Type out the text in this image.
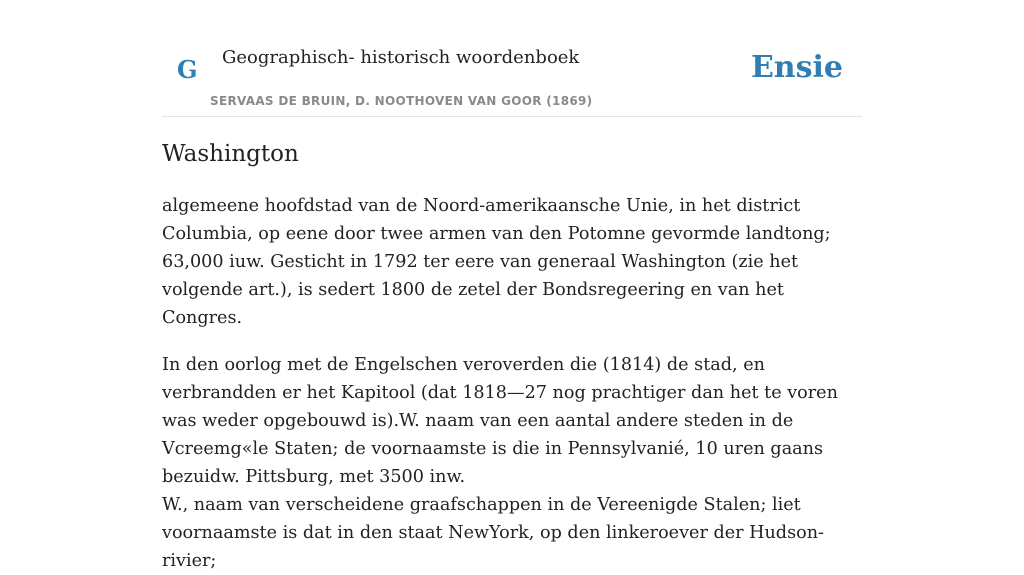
G Geographisch- historisch woordenboek
SERVAAS DE BRUIN, D. NOOTHOVEN VAN GOOR (1869)
Ensie
Washington

algemeene hoofdstad van de Noord-amerikaansche Unie, in het district Columbia, op eene door twee armen van den Potomne gevormde landtong; 63,000 iuw. Gesticht in 1792 ter eere van generaal Washington (zie het volgende art.), is sedert 1800 de zetel der Bondsregeering en van het Congres.

In den oorlog met de Engelschen veroverden die (1814) de stad, en verbrandden er het Kapitool (dat 1818—27 nog prachtiger dan het te voren was weder opgebouwd is).W. naam van een aantal andere steden in de Vcreemg«le Staten; de voornaamste is die in Pennsylvanié, 10 uren gaans bezuidw. Pittsburg, met 3500 inw.

W., naam van verscheidene graafschappen in de Vereenigde Stalen; liet voornaamste is dat in den staat NewYork, op den linkeroever der Hudson-rivier;
